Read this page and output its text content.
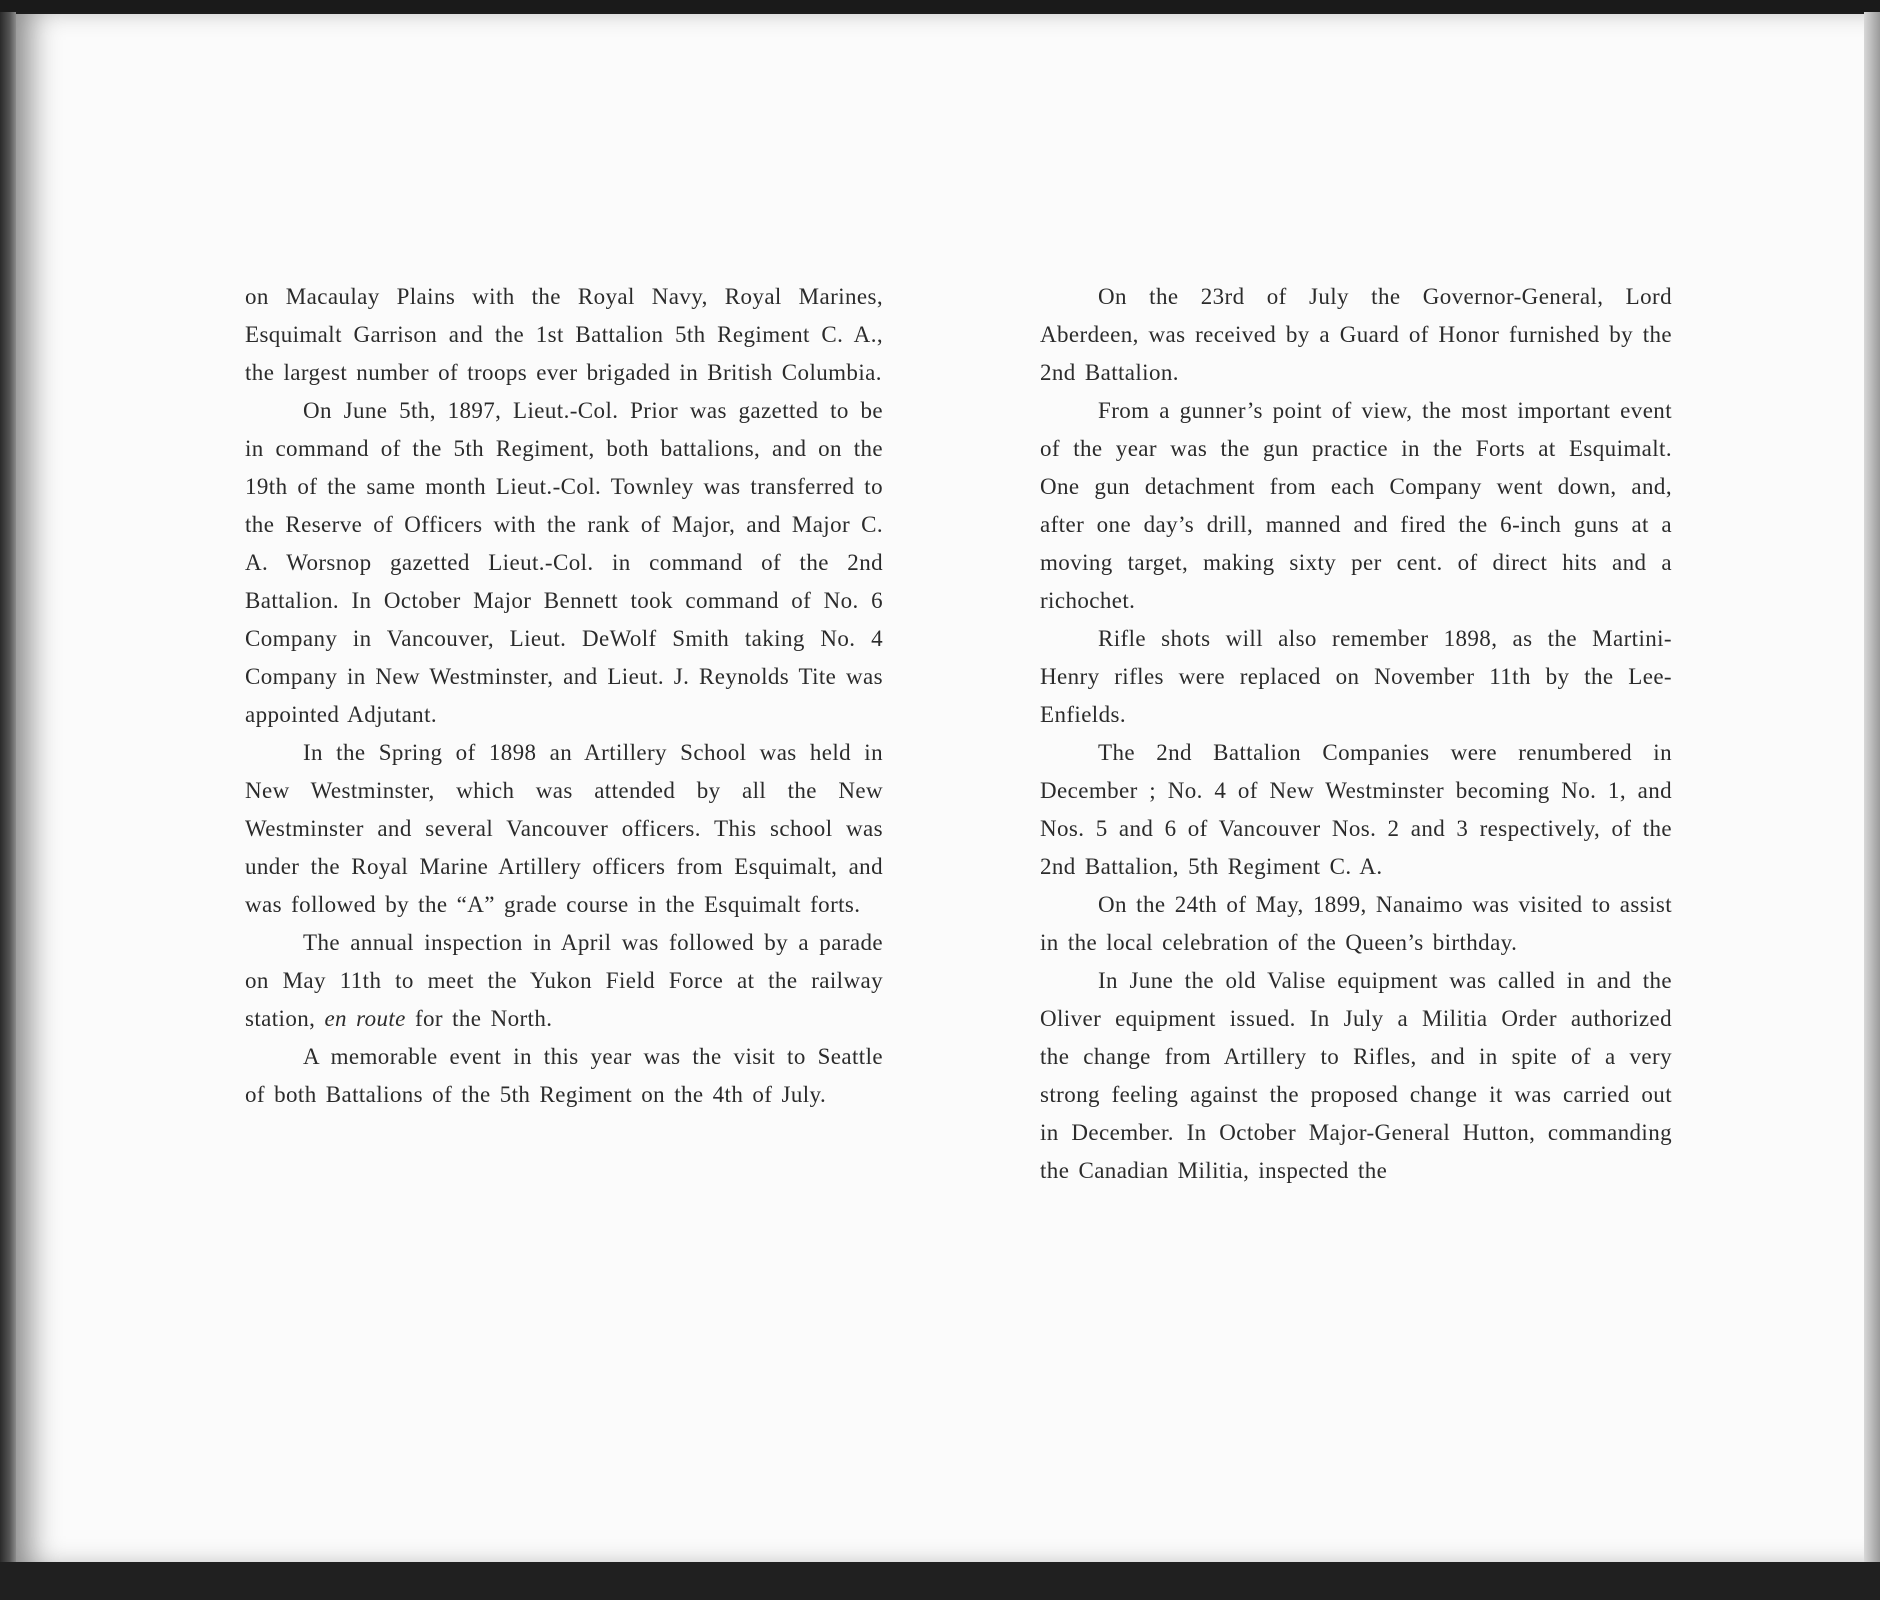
on Macaulay Plains with the Royal Navy, Royal Marines, Esquimalt Garrison and the 1st Battalion 5th Regiment C. A., the largest number of troops ever brigaded in British Columbia.

On June 5th, 1897, Lieut.-Col. Prior was gazetted to be in command of the 5th Regiment, both battalions, and on the 19th of the same month Lieut.-Col. Townley was transferred to the Reserve of Officers with the rank of Major, and Major C. A. Worsnop gazetted Lieut.-Col. in command of the 2nd Battalion. In October Major Bennett took command of No. 6 Company in Vancouver, Lieut. DeWolf Smith taking No. 4 Company in New Westminster, and Lieut. J. Reynolds Tite was appointed Adjutant.

In the Spring of 1898 an Artillery School was held in New Westminster, which was attended by all the New Westminster and several Vancouver officers. This school was under the Royal Marine Artillery officers from Esquimalt, and was followed by the “A” grade course in the Esquimalt forts.

The annual inspection in April was followed by a parade on May 11th to meet the Yukon Field Force at the railway station, en route for the North.

A memorable event in this year was the visit to Seattle of both Battalions of the 5th Regiment on the 4th of July.

On the 23rd of July the Governor-General, Lord Aberdeen, was received by a Guard of Honor furnished by the 2nd Battalion.

From a gunner’s point of view, the most important event of the year was the gun practice in the Forts at Esquimalt. One gun detachment from each Company went down, and, after one day’s drill, manned and fired the 6-inch guns at a moving target, making sixty per cent. of direct hits and a richochet.

Rifle shots will also remember 1898, as the Martini-Henry rifles were replaced on November 11th by the Lee-Enfields.

The 2nd Battalion Companies were renumbered in December ; No. 4 of New Westminster becoming No. 1, and Nos. 5 and 6 of Vancouver Nos. 2 and 3 respectively, of the 2nd Battalion, 5th Regiment C. A.

On the 24th of May, 1899, Nanaimo was visited to assist in the local celebration of the Queen’s birthday.

In June the old Valise equipment was called in and the Oliver equipment issued. In July a Militia Order authorized the change from Artillery to Rifles, and in spite of a very strong feeling against the proposed change it was carried out in December. In October Major-General Hutton, commanding the Canadian Militia, inspected the
